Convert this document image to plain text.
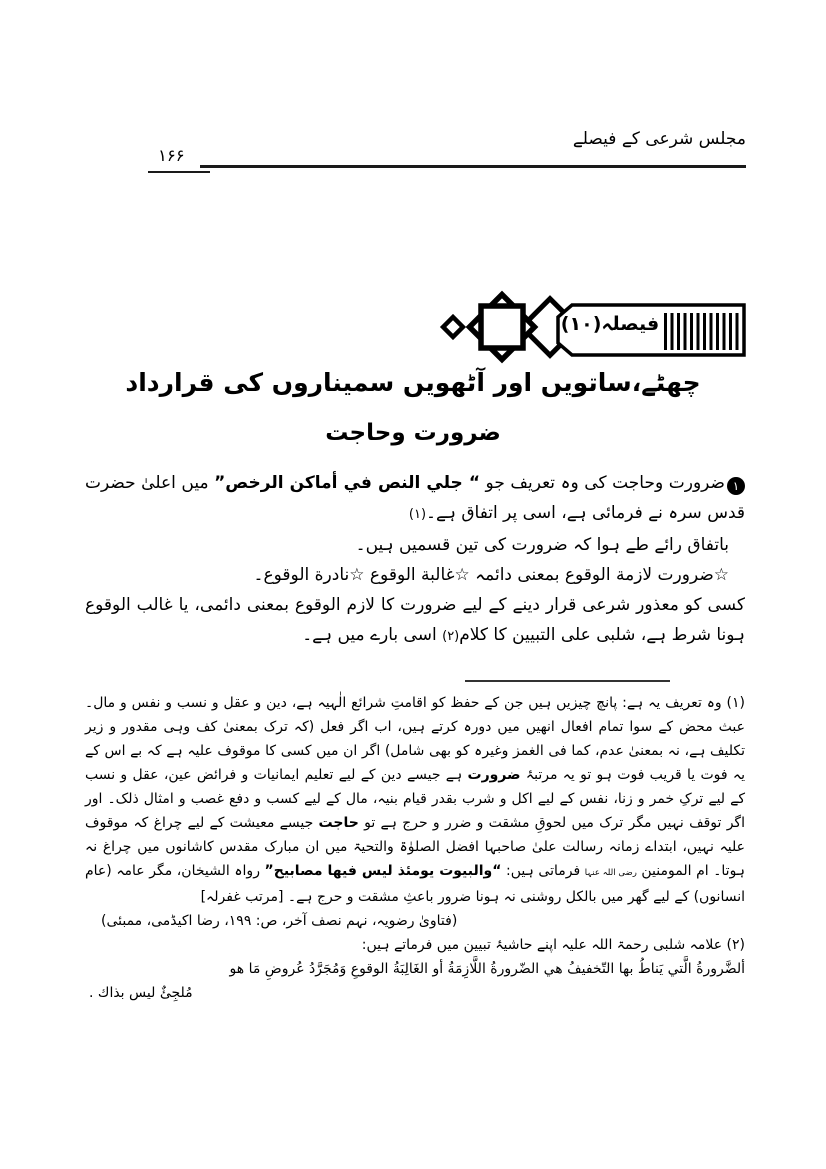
مجلس شرعی کے فیصلے
۱۶۶
فیصلہ(۱۰)
چھٹے،ساتویں اور آٹھویں سمیناروں کی قرارداد
ضرورت وحاجت

۱ضرورت وحاجت کی وہ تعریف جو “ جلي النص في أماكن الرخص” میں اعلیٰ حضرت قدس سرہ نے فرمائی ہے، اسی پر اتفاق ہے۔(۱)

باتفاق رائے طے ہوا کہ ضرورت کی تین قسمیں ہیں۔

☆ضرورت لازمة الوقوع بمعنی دائمہ ☆غالبة الوقوع ☆نادرة الوقوع۔

کسی کو معذور شرعی قرار دینے کے لیے ضرورت کا لازم الوقوع بمعنی دائمی، یا غالب الوقوع ہونا شرط ہے، شلبی علی التبیین کا کلام(۲) اسی بارے میں ہے۔

(۱) وہ تعریف یہ ہے: پانچ چیزیں ہیں جن کے حفظ کو اقامتِ شرائع الٰہیہ ہے، دین و عقل و نسب و نفس و مال۔ عبث محض کے سوا تمام افعال انھیں میں دورہ کرتے ہیں، اب اگر فعل (کہ ترک بمعنیٰ کف وہی مقدور و زیر تکلیف ہے، نہ بمعنیٰ عدم، کما فی الغمز وغیرہ کو بھی شامل) اگر ان میں کسی کا موقوف علیہ ہے کہ بے اس کے یہ فوت یا قریب فوت ہو تو یہ مرتبۂ ضرورت ہے جیسے دین کے لیے تعلیم ایمانیات و فرائض عین، عقل و نسب کے لیے ترکِ خمر و زنا، نفس کے لیے اکل و شرب بقدر قیام بنیہ، مال کے لیے کسب و دفع غصب و امثال ذلک۔ اور اگر توقف نہیں مگر ترک میں لحوقِ مشقت و ضرر و حرج ہے تو حاجت جیسے معیشت کے لیے چراغ کہ موقوف علیہ نہیں، ابتداے زمانہ رسالت علیٰ صاحبہا افضل الصلوٰۃ والتحیۃ میں ان مبارک مقدس کاشانوں میں چراغ نہ ہوتا۔ ام المومنین رضی اللہ عنہا فرماتی ہیں: “والبیوت یومئذ لیس فیها مصابیح” رواہ الشیخان، مگر عامہ (عام انسانوں) کے لیے گھر میں بالکل روشنی نہ ہونا ضرور باعثِ مشقت و حرج ہے۔ [مرتب غفرلہ]

(فتاویٰ رضویہ، نہم نصف آخر، ص: ۱۹۹، رضا اکیڈمی، ممبئی)

(۲) علامہ شلبی رحمۃ اللہ علیہ اپنے حاشیۂ تبیین میں فرماتے ہیں:

ألضَّرورةُ الَّتي يَناطُ بها التّخفيفُ هي الضّرورةُ اللَّازِمَةُ أو الغَالِبَةُ الوقوعِ وَمُجَرَّدُ عُروضِ مَا هو

مُلجِئٌ ليس بذاك .
